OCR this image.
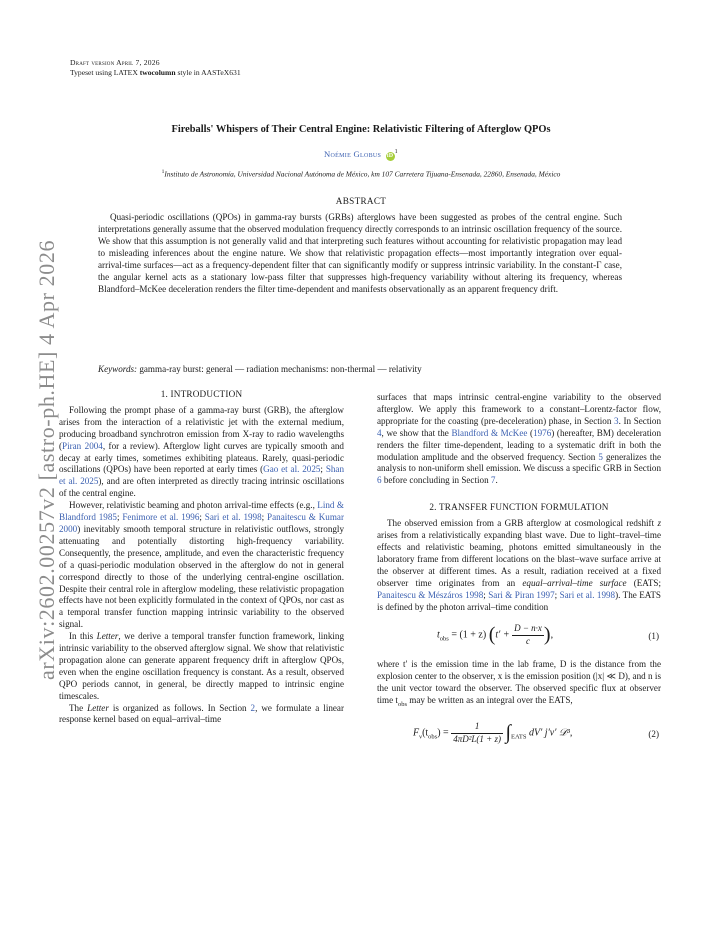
Draft version April 7, 2026
Typeset using LATEX twocolumn style in AASTeX631
arXiv:2602.00257v2 [astro-ph.HE] 4 Apr 2026
Fireballs' Whispers of Their Central Engine: Relativistic Filtering of Afterglow QPOs
Noémie Globus $iD^1$
$^1$Instituto de Astronomía, Universidad Nacional Autónoma de México, km 107 Carretera Tijuana-Ensenada, 22860, Ensenada, México
ABSTRACT
Quasi-periodic oscillations (QPOs) in gamma-ray bursts (GRBs) afterglows have been suggested as probes of the central engine. Such interpretations generally assume that the observed modulation frequency directly corresponds to an intrinsic oscillation frequency of the source. We show that this assumption is not generally valid and that interpreting such features without accounting for relativistic propagation may lead to misleading inferences about the engine nature. We show that relativistic propagation effects—most importantly integration over equal-arrival-time surfaces—act as a frequency-dependent filter that can significantly modify or suppress intrinsic variability. In the constant-Γ case, the angular kernel acts as a stationary low-pass filter that suppresses high-frequency variability without altering its frequency, whereas Blandford–McKee deceleration renders the filter time-dependent and manifests observationally as an apparent frequency drift.
Keywords: gamma-ray burst: general — radiation mechanisms: non-thermal — relativity
1. INTRODUCTION

Following the prompt phase of a gamma-ray burst (GRB), the afterglow arises from the interaction of a relativistic jet with the external medium, producing broadband synchrotron emission from X-ray to radio wavelengths (Piran 2004, for a review). Afterglow light curves are typically smooth and decay at early times, sometimes exhibiting plateaus. Rarely, quasi-periodic oscillations (QPOs) have been reported at early times (Gao et al. 2025; Shan et al. 2025), and are often interpreted as directly tracing intrinsic oscillations of the central engine.

However, relativistic beaming and photon arrival-time effects (e.g., Lind & Blandford 1985; Fenimore et al. 1996; Sari et al. 1998; Panaitescu & Kumar 2000) inevitably smooth temporal structure in relativistic outflows, strongly attenuating and potentially distorting high-frequency variability. Consequently, the presence, amplitude, and even the characteristic frequency of a quasi-periodic modulation observed in the afterglow do not in general correspond directly to those of the underlying central-engine oscillation. Despite their central role in afterglow modeling, these relativistic propagation effects have not been explicitly formulated in the context of QPOs, nor cast as a temporal transfer function mapping intrinsic variability to the observed signal.

In this Letter, we derive a temporal transfer function framework, linking intrinsic variability to the observed afterglow signal. We show that relativistic propagation alone can generate apparent frequency drift in afterglow QPOs, even when the engine oscillation frequency is constant. As a result, observed QPO periods cannot, in general, be directly mapped to intrinsic engine timescales.

The Letter is organized as follows. In Section 2, we formulate a linear response kernel based on equal–arrival–time

surfaces that maps intrinsic central-engine variability to the observed afterglow. We apply this framework to a constant–Lorentz-factor flow, appropriate for the coasting (pre-deceleration) phase, in Section 3. In Section 4, we show that the Blandford & McKee (1976) (hereafter, BM) deceleration renders the filter time-dependent, leading to a systematic drift in both the modulation amplitude and the observed frequency. Section 5 generalizes the analysis to non-uniform shell emission. We discuss a specific GRB in Section 6 before concluding in Section 7.

2. TRANSFER FUNCTION FORMULATION

The observed emission from a GRB afterglow at cosmological redshift z arises from a relativistically expanding blast wave. Due to light–travel–time effects and relativistic beaming, photons emitted simultaneously in the laboratory frame from different locations on the blast–wave surface arrive at the observer at different times. As a result, radiation received at a fixed observer time originates from an equal–arrival–time surface (EATS; Panaitescu & Mészáros 1998; Sari & Piran 1997; Sari et al. 1998). The EATS is defined by the photon arrival–time condition

$t_{obs} = (1 + z) (t' + \frac{D - n\cdot x}{c}$ ),	(1)

where t′ is the emission time in the lab frame, D is the distance from the explosion center to the observer, x is the emission position (|x| ≪ D), and n is the unit vector toward the observer. The observed specific flux at observer time $t_{obs}$ may be written as an integral over the EATS,

$F_\nu(t_{obs}) = \frac{1}{\text{4πD²L(1 + z)}} \int_{EATS}$ dV′ j′ν′ 𝒟³,	(2)
